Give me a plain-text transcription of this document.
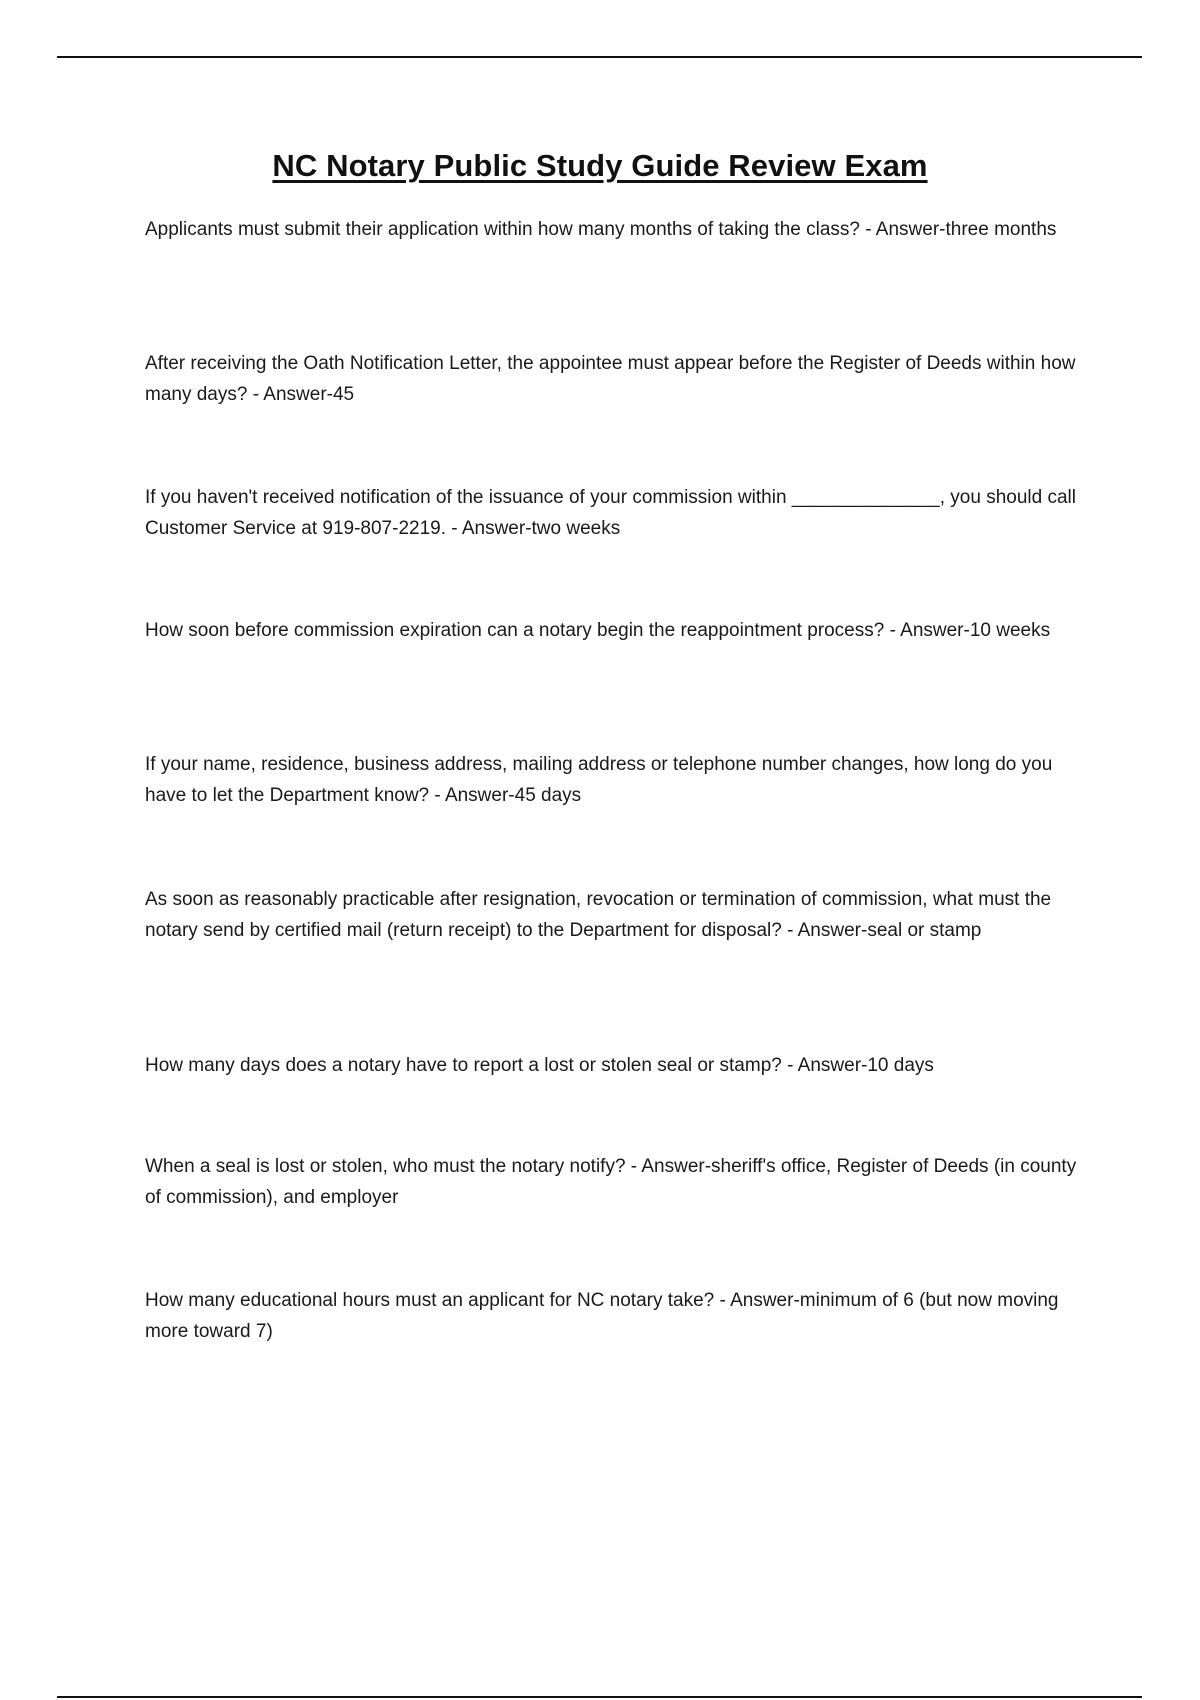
NC Notary Public Study Guide Review Exam

Applicants must submit their application within how many months of taking the class? - Answer-three months

After receiving the Oath Notification Letter, the appointee must appear before the Register of Deeds within how many days? - Answer-45

If you haven't received notification of the issuance of your commission within ______________, you should call Customer Service at 919-807-2219. - Answer-two weeks

How soon before commission expiration can a notary begin the reappointment process? - Answer-10 weeks

If your name, residence, business address, mailing address or telephone number changes, how long do you have to let the Department know? - Answer-45 days

As soon as reasonably practicable after resignation, revocation or termination of commission, what must the notary send by certified mail (return receipt) to the Department for disposal? - Answer-seal or stamp

How many days does a notary have to report a lost or stolen seal or stamp? - Answer-10 days

When a seal is lost or stolen, who must the notary notify? - Answer-sheriff's office, Register of Deeds (in county of commission), and employer

How many educational hours must an applicant for NC notary take? - Answer-minimum of 6 (but now moving more toward 7)
